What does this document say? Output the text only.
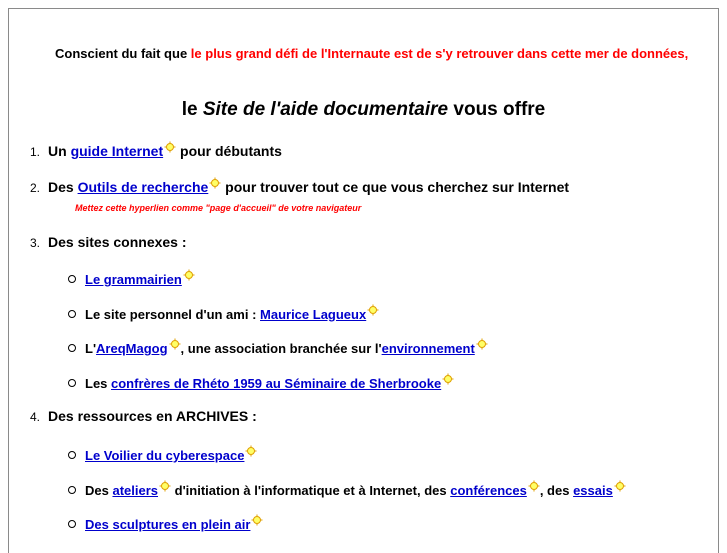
Conscient du fait que le plus grand défi de l'Internaute est de s'y retrouver dans cette mer de données,
le Site de l'aide documentaire vous offre
1. Un guide Internet pour débutants
2. Des Outils de recherche pour trouver tout ce que vous cherchez sur Internet
Mettez cette hyperlien comme "page d'accueil" de votre navigateur
3. Des sites connexes :
Le grammairien
Le site personnel d'un ami : Maurice Lagueux
L'AreqMagog , une association branchée sur l'environnement
Les confrères de Rhéto 1959 au Séminaire de Sherbrooke
4. Des ressources en ARCHIVES :
Le Voilier du cyberespace
Des ateliers d'initiation à l'informatique et à Internet, des conférences , des essais
Des sculptures en plein air
